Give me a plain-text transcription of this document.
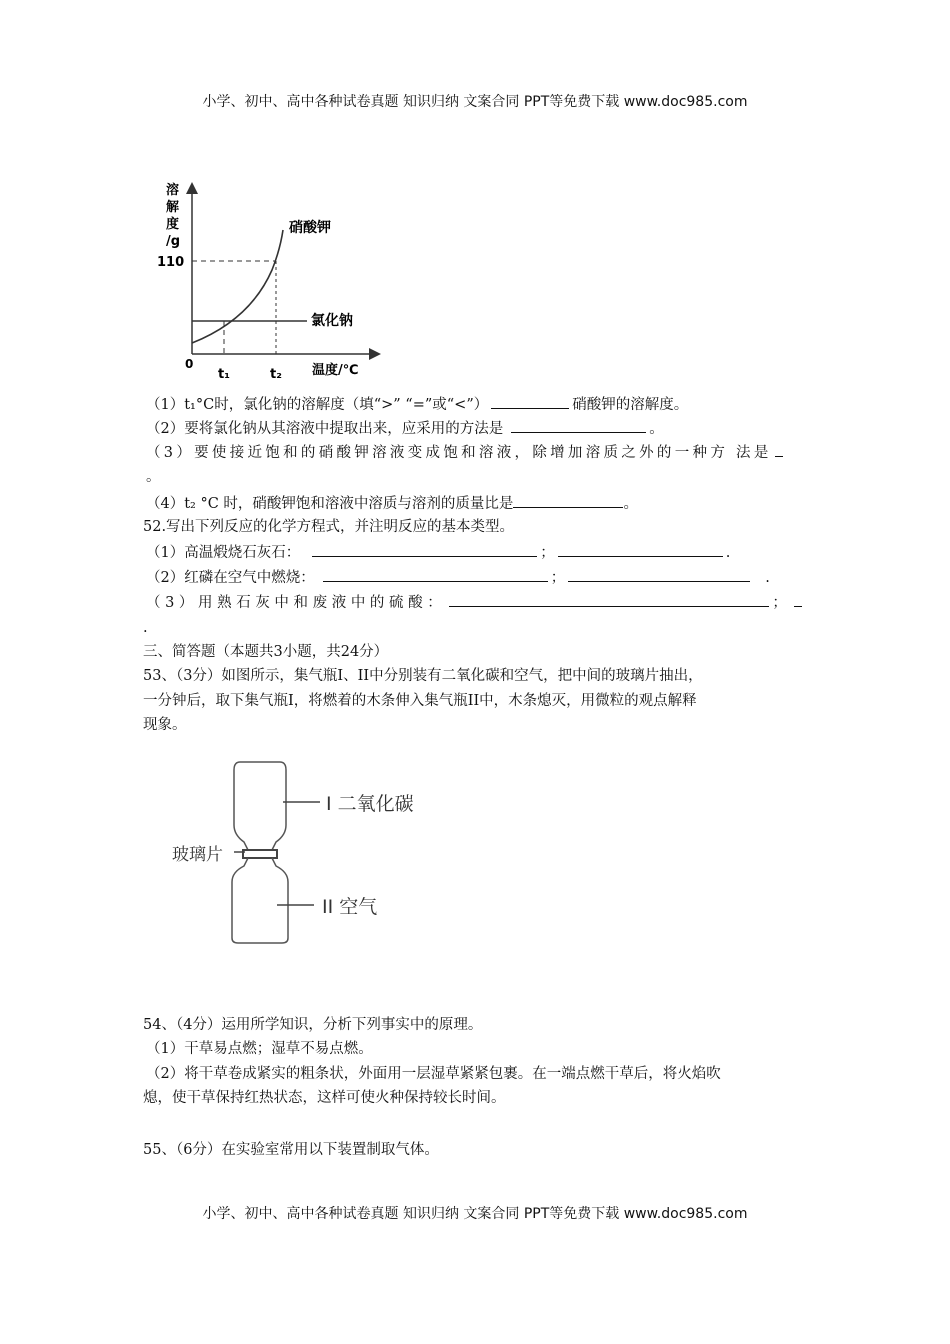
小学、初中、高中各种试卷真题 知识归纳 文案合同 PPT等免费下载 www.doc985.com
溶
解
度
/g
110
0
t₁	t₂ 温度/℃
硝酸钾
氯化钠
（1）t₁°C时，氯化钠的溶解度（填“>” “=”或“<”）	硝酸钾的溶解度。
（2）要将氯化钠从其溶液中提取出来，应采用的方法是	。
（3）要使接近饱和的硝酸钾溶液变成饱和溶液，除增加溶质之外的一种方 法是
。
（4）t₂ °C 时，硝酸钾饱和溶液中溶质与溶剂的质量比是	。
52.写出下列反应的化学方程式，并注明反应的基本类型。
（1）高温煅烧石灰石：	；	.
（2）红磷在空气中燃烧：	；	.
（3）用熟石灰中和废液中的硫酸：	；
.
三、简答题（本题共3小题，共24分）
53、（3分）如图所示，集气瓶I、II中分别装有二氧化碳和空气，把中间的玻璃片抽出，
一分钟后，取下集气瓶I，将燃着的木条伸入集气瓶II中，木条熄灭，用微粒的观点解释
现象。
I 二氧化碳
II 空气
玻璃片
54、（4分）运用所学知识，分析下列事实中的原理。
（1）干草易点燃；湿草不易点燃。
（2）将干草卷成紧实的粗条状，外面用一层湿草紧紧包裹。在一端点燃干草后，将火焰吹
熄，使干草保持红热状态，这样可使火种保持较长时间。
55、（6分）在实验室常用以下装置制取气体。
小学、初中、高中各种试卷真题 知识归纳 文案合同 PPT等免费下载 www.doc985.com
